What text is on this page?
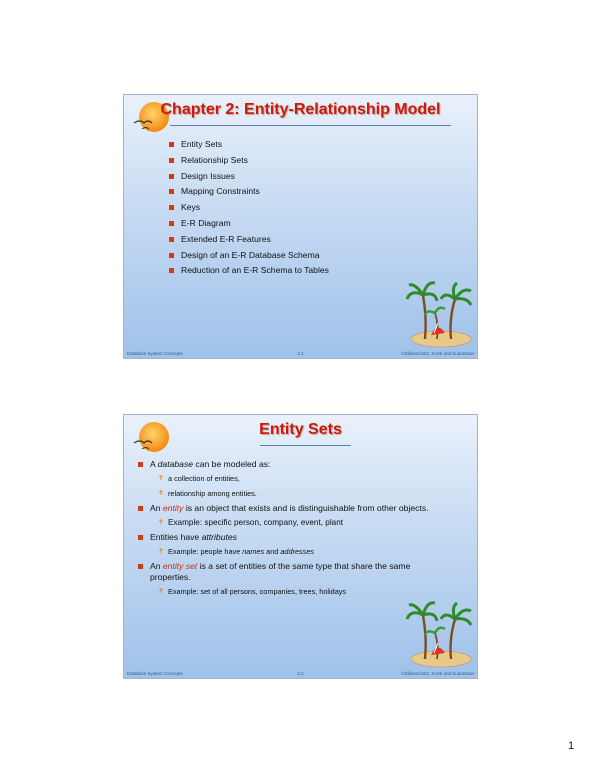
Chapter 2: Entity-Relationship Model
Entity Sets
Relationship Sets
Design Issues
Mapping Constraints
Keys
E-R Diagram
Extended E-R Features
Design of an E-R Database Schema
Reduction of an E-R Schema to Tables
Database System Concepts	2.1	©Silberschatz, Korth and Sudarshan
Entity Sets
A database can be modeled as:
✝ a collection of entities,
✝ relationship among entities.
An entity is an object that exists and is distinguishable from other objects.
✝ Example: specific person, company, event, plant
Entities have attributes
✝ Example: people have names and addresses
An entity set is a set of entities of the same type that share the same properties.
✝ Example: set of all persons, companies, trees, holidays
Database System Concepts	2.2	©Silberschatz, Korth and Sudarshan
1
